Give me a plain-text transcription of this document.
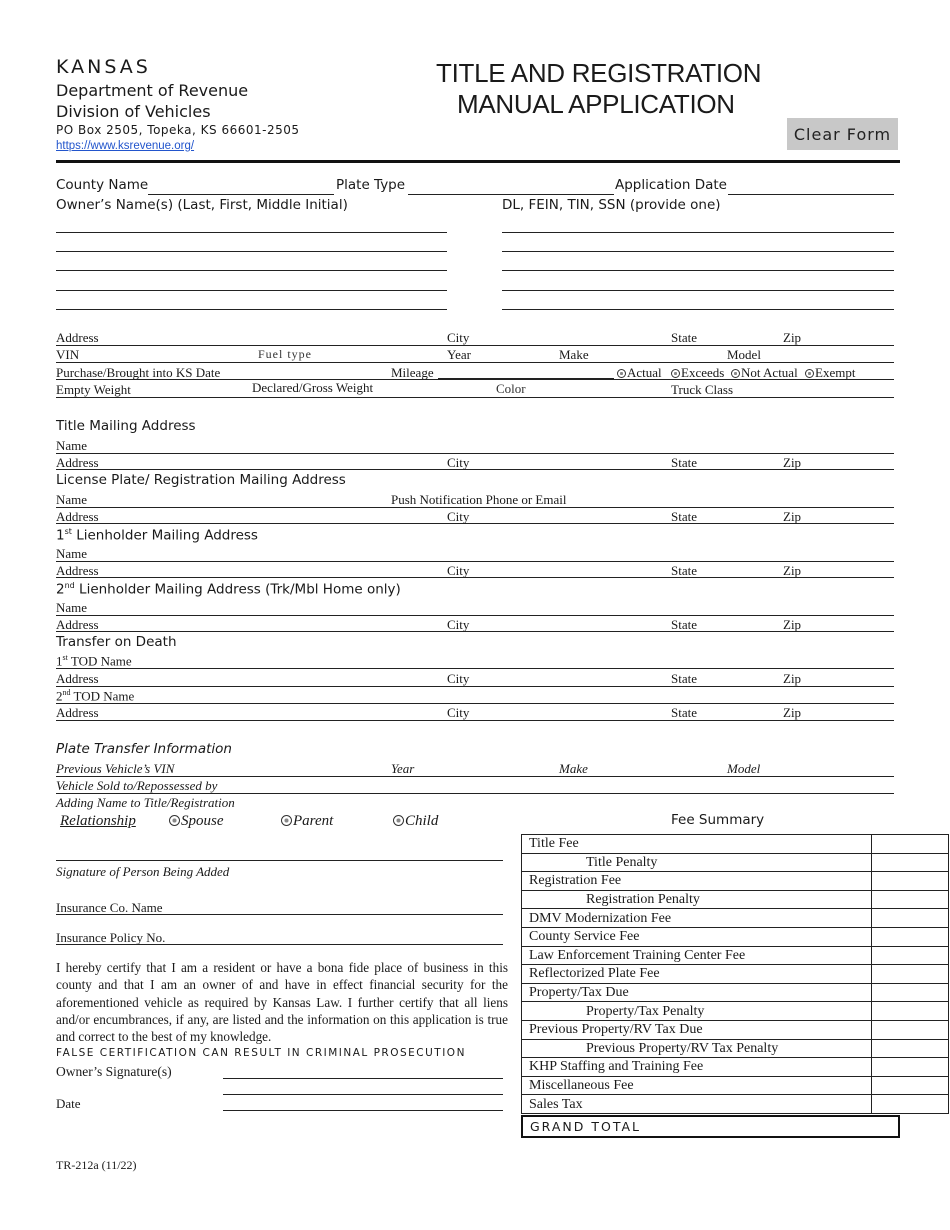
KANSAS
Department of Revenue
Division of Vehicles
PO Box 2505, Topeka, KS 66601-2505
https://www.ksrevenue.org/
TITLE AND REGISTRATION
MANUAL APPLICATION
Clear Form
County Name	Plate Type	Application Date
Owner’s Name(s) (Last, First, Middle Initial)	DL, FEIN, TIN, SSN (provide one)
Address	City	State	Zip
VIN	Fuel type	Year	Make	Model
Purchase/Brought into KS Date	Mileage	Actual	Exceeds	Not Actual	Exempt
Empty Weight	Declared/Gross Weight	Color	Truck Class
Title Mailing Address
Name
Address	City	State	Zip
License Plate/ Registration Mailing Address
Name	Push Notification Phone or Email
Address	City	State	Zip
1st Lienholder Mailing Address
Name
Address	City	State	Zip
2nd Lienholder Mailing Address (Trk/Mbl Home only)
Name
Address	City	State	Zip
Transfer on Death
1st TOD Name
Address	City	State	Zip
2nd TOD Name
Address	City	State	Zip
Plate Transfer Information
Previous Vehicle’s VIN	Year	Make	Model
Vehicle Sold to/Repossessed by
Adding Name to Title/Registration
Relationship	Spouse	Parent	Child
Signature of Person Being Added
Insurance Co. Name
Insurance Policy No.
I hereby certify that I am a resident or have a bona fide place of business in this county and that I am an owner of and have in effect financial security for the aforementioned vehicle as required by Kansas Law. I further certify that all liens and/or encumbrances, if any, are listed and the information on this application is true and correct to the best of my knowledge.
FALSE CERTIFICATION CAN RESULT IN CRIMINAL PROSECUTION
Owner’s Signature(s)
Date
Fee Summary
Title Fee	
Title Penalty	
Registration Fee	
Registration Penalty	
DMV Modernization Fee	
County Service Fee	
Law Enforcement Training Center Fee	
Reflectorized Plate Fee	
Property/Tax Due	
Property/Tax Penalty	
Previous Property/RV Tax Due	
Previous Property/RV Tax Penalty	
KHP Staffing and Training Fee	
Miscellaneous Fee	
Sales Tax	
GRAND TOTAL
TR-212a (11/22)
